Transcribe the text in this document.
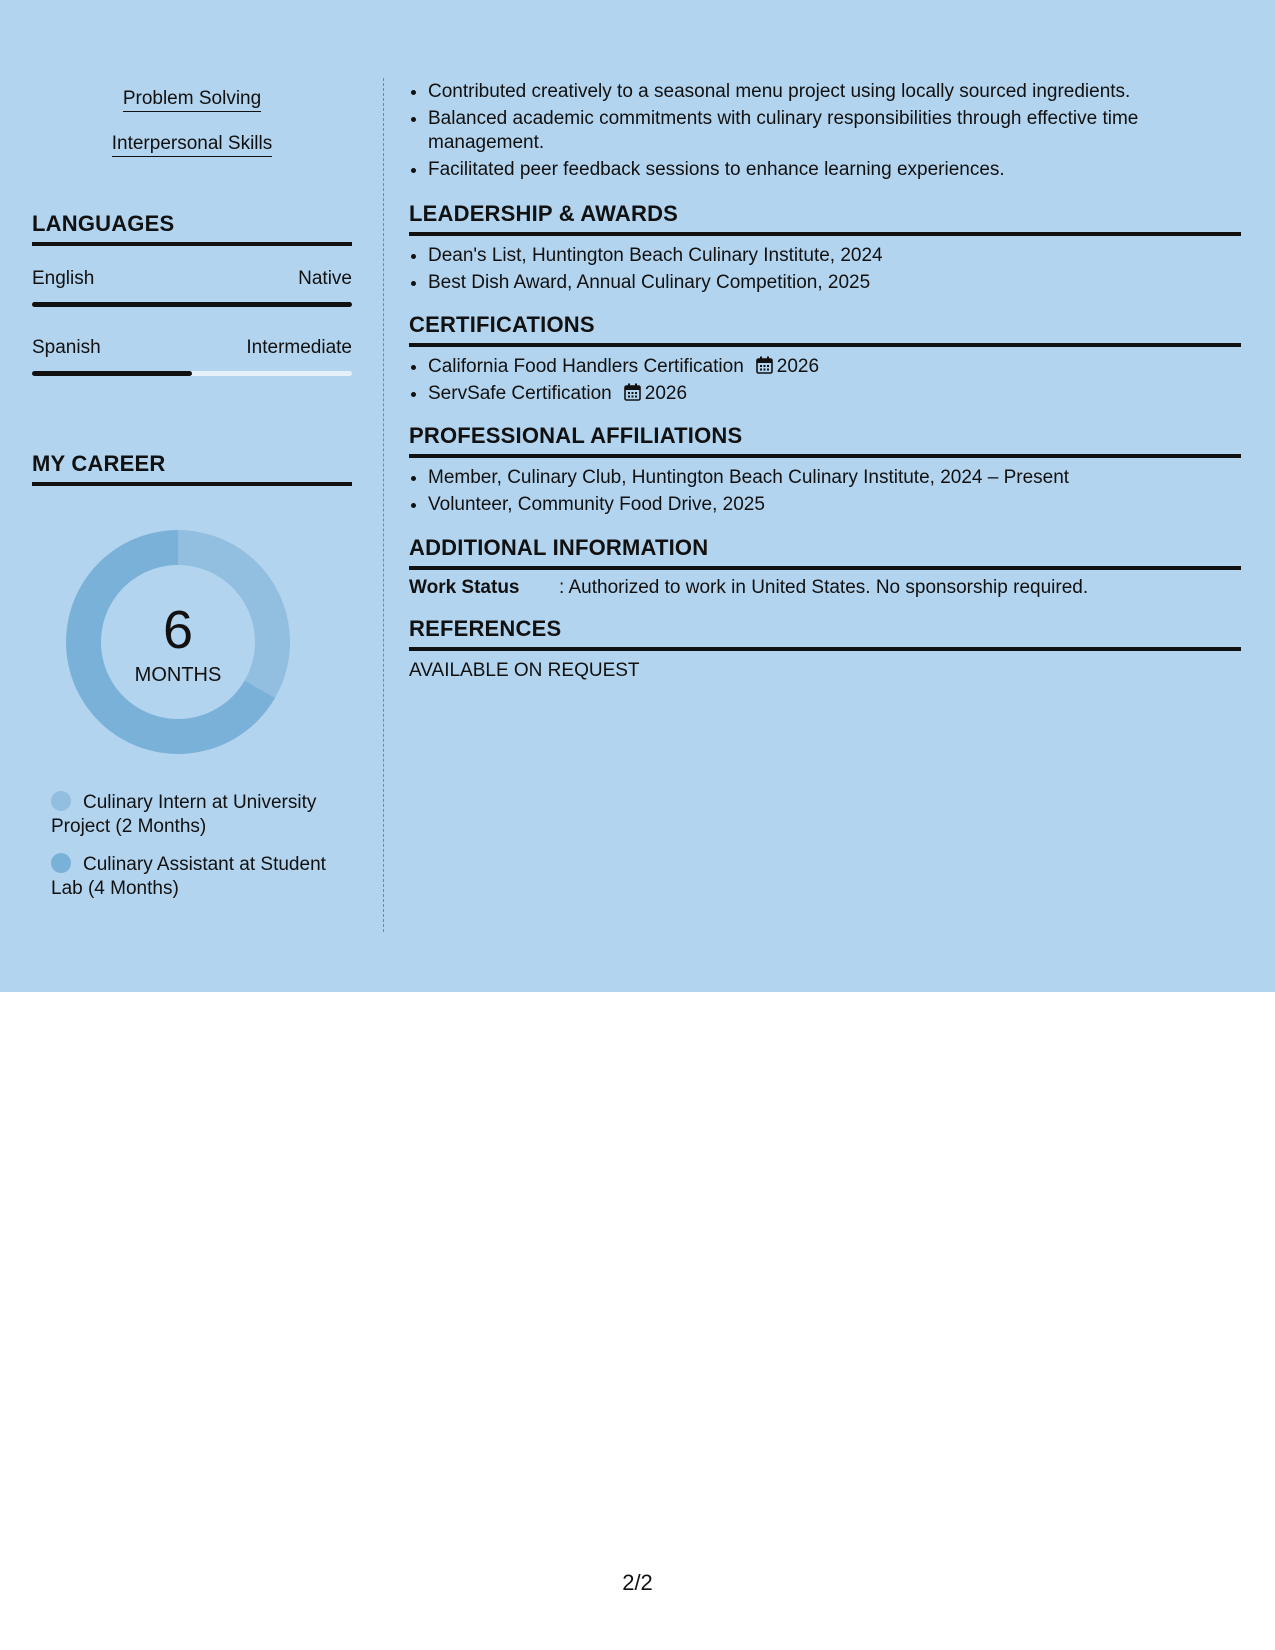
Problem Solving
Interpersonal Skills
LANGUAGES
English	Native
Spanish	Intermediate
MY CAREER
6
MONTHS
Culinary Intern at University Project (2 Months)
Culinary Assistant at Student Lab (4 Months)
• Contributed creatively to a seasonal menu project using locally sourced ingredients.
• Balanced academic commitments with culinary responsibilities through effective time management.
• Facilitated peer feedback sessions to enhance learning experiences.
LEADERSHIP & AWARDS
• Dean's List, Huntington Beach Culinary Institute, 2024
• Best Dish Award, Annual Culinary Competition, 2025
CERTIFICATIONS
• California Food Handlers Certification 2026
• ServSafe Certification 2026
PROFESSIONAL AFFILIATIONS
• Member, Culinary Club, Huntington Beach Culinary Institute, 2024 – Present
• Volunteer, Community Food Drive, 2025
ADDITIONAL INFORMATION
Work Status : Authorized to work in United States. No sponsorship required.
REFERENCES
AVAILABLE ON REQUEST
2/2
